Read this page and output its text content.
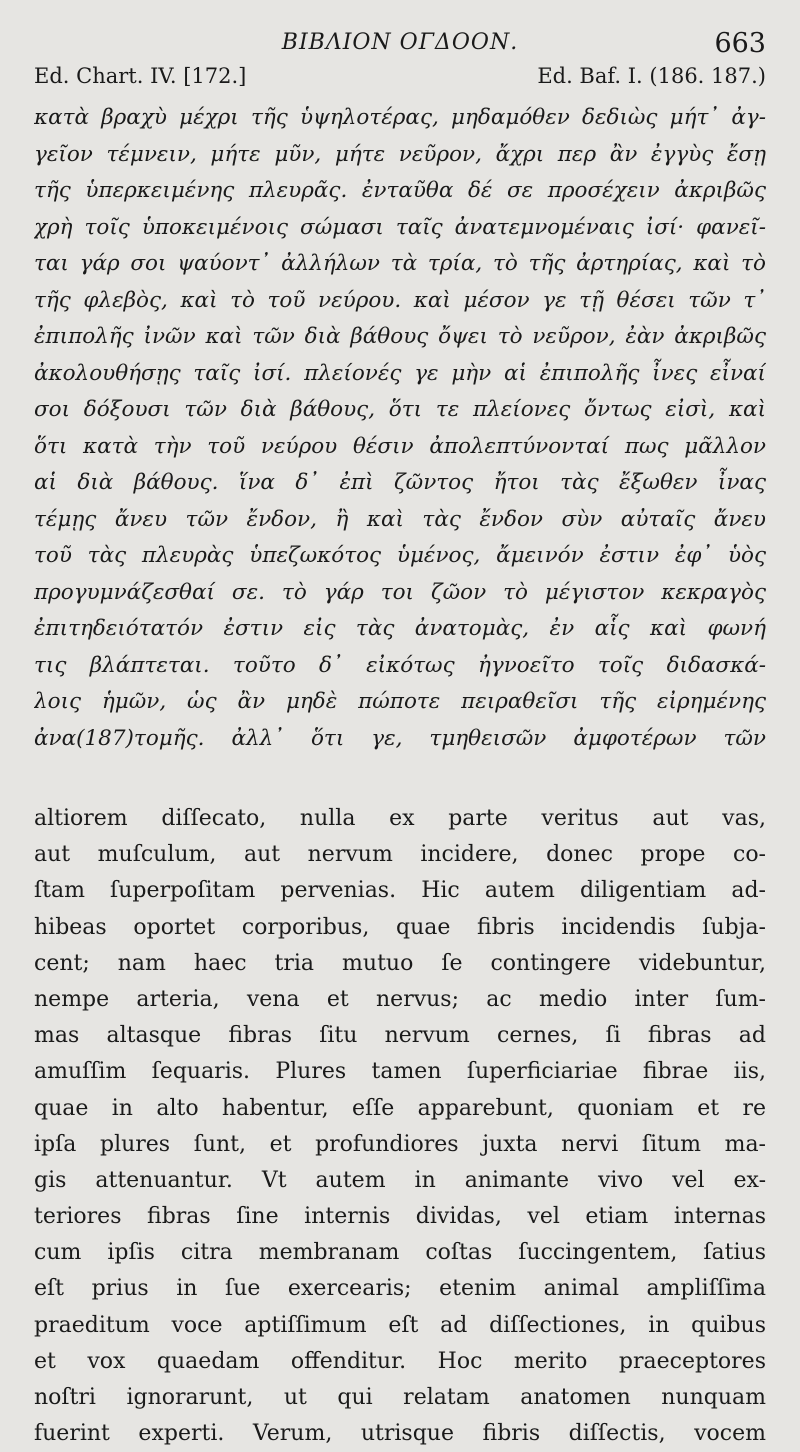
ΒΙΒΛΙΟΝ ΟΓΔΟΟΝ.	663
Ed. Chart. IV. [172.]	Ed. Baf. I. (186. 187.)
κατὰ βραχὺ μέχρι τῆς ὑψηλοτέρας, μηδαμόθεν δεδιὼς μήτ᾽ ἀγ-
γεῖον τέμνειν, μήτε μῦν, μήτε νεῦρον, ἄχρι περ ἂν ἐγγὺς ἔσῃ
τῆς ὑπερκειμένης πλευρᾶς. ἐνταῦθα δέ σε προσέχειν ἀκριβῶς
χρὴ τοῖς ὑποκειμένοις σώμασι ταῖς ἀνατεμνομέναις ἰσί· φανεῖ-
ται γάρ σοι ψαύοντ᾽ ἀλλήλων τὰ τρία, τὸ τῆς ἀρτηρίας, καὶ τὸ
τῆς φλεβὸς, καὶ τὸ τοῦ νεύρου. καὶ μέσον γε τῇ θέσει τῶν τ᾽
ἐπιπολῆς ἰνῶν καὶ τῶν διὰ βάθους ὄψει τὸ νεῦρον, ἐὰν ἀκριβῶς
ἀκολουθήσῃς ταῖς ἰσί. πλείονές γε μὴν αἱ ἐπιπολῆς ἶνες εἶναί
σοι δόξουσι τῶν διὰ βάθους, ὅτι τε πλείονες ὄντως εἰσὶ, καὶ
ὅτι κατὰ τὴν τοῦ νεύρου θέσιν ἀπολεπτύνονταί πως μᾶλλον
αἱ διὰ βάθους. ἵνα δ᾽ ἐπὶ ζῶντος ἤτοι τὰς ἔξωθεν ἶνας
τέμῃς ἄνευ τῶν ἔνδον, ἢ καὶ τὰς ἔνδον σὺν αὐταῖς ἄνευ
τοῦ τὰς πλευρὰς ὑπεζωκότος ὑμένος, ἄμεινόν ἐστιν ἐφ᾽ ὑὸς
προγυμνάζεσθαί σε. τὸ γάρ τοι ζῶον τὸ μέγιστον κεκραγὸς
ἐπιτηδειότατόν ἐστιν εἰς τὰς ἀνατομὰς, ἐν αἷς καὶ φωνή
τις βλάπτεται. τοῦτο δ᾽ εἰκότως ἠγνοεῖτο τοῖς διδασκά-
λοις ἡμῶν, ὡς ἂν μηδὲ πώποτε πειραθεῖσι τῆς εἰρημένης
ἀνα(187)τομῆς. ἀλλ᾽ ὅτι γε, τμηθεισῶν ἀμφοτέρων τῶν
altiorem diſſecato, nulla ex parte veritus aut vas,
aut muſculum, aut nervum incidere, donec prope co-
ſtam ſuperpoſitam pervenias. Hic autem diligentiam ad-
hibeas oportet corporibus, quae fibris incidendis ſubja-
cent; nam haec tria mutuo ſe contingere videbuntur,
nempe arteria, vena et nervus; ac medio inter ſum-
mas altasque fibras ſitu nervum cernes, ſi fibras ad
amuſſim ſequaris. Plures tamen ſuperficiariae fibrae iis,
quae in alto habentur, eſſe apparebunt, quoniam et re
ipſa plures ſunt, et profundiores juxta nervi ſitum ma-
gis attenuantur. Vt autem in animante vivo vel ex-
teriores fibras ſine internis dividas, vel etiam internas
cum ipſis citra membranam coſtas ſuccingentem, ſatius
eſt prius in ſue exercearis; etenim animal ampliſſima
praeditum voce aptiſſimum eſt ad diſſectiones, in quibus
et vox quaedam offenditur. Hoc merito praeceptores
noſtri ignorarunt, ut qui relatam anatomen nunquam
fuerint experti. Verum, utrisque fibris diſſectis, vocem
